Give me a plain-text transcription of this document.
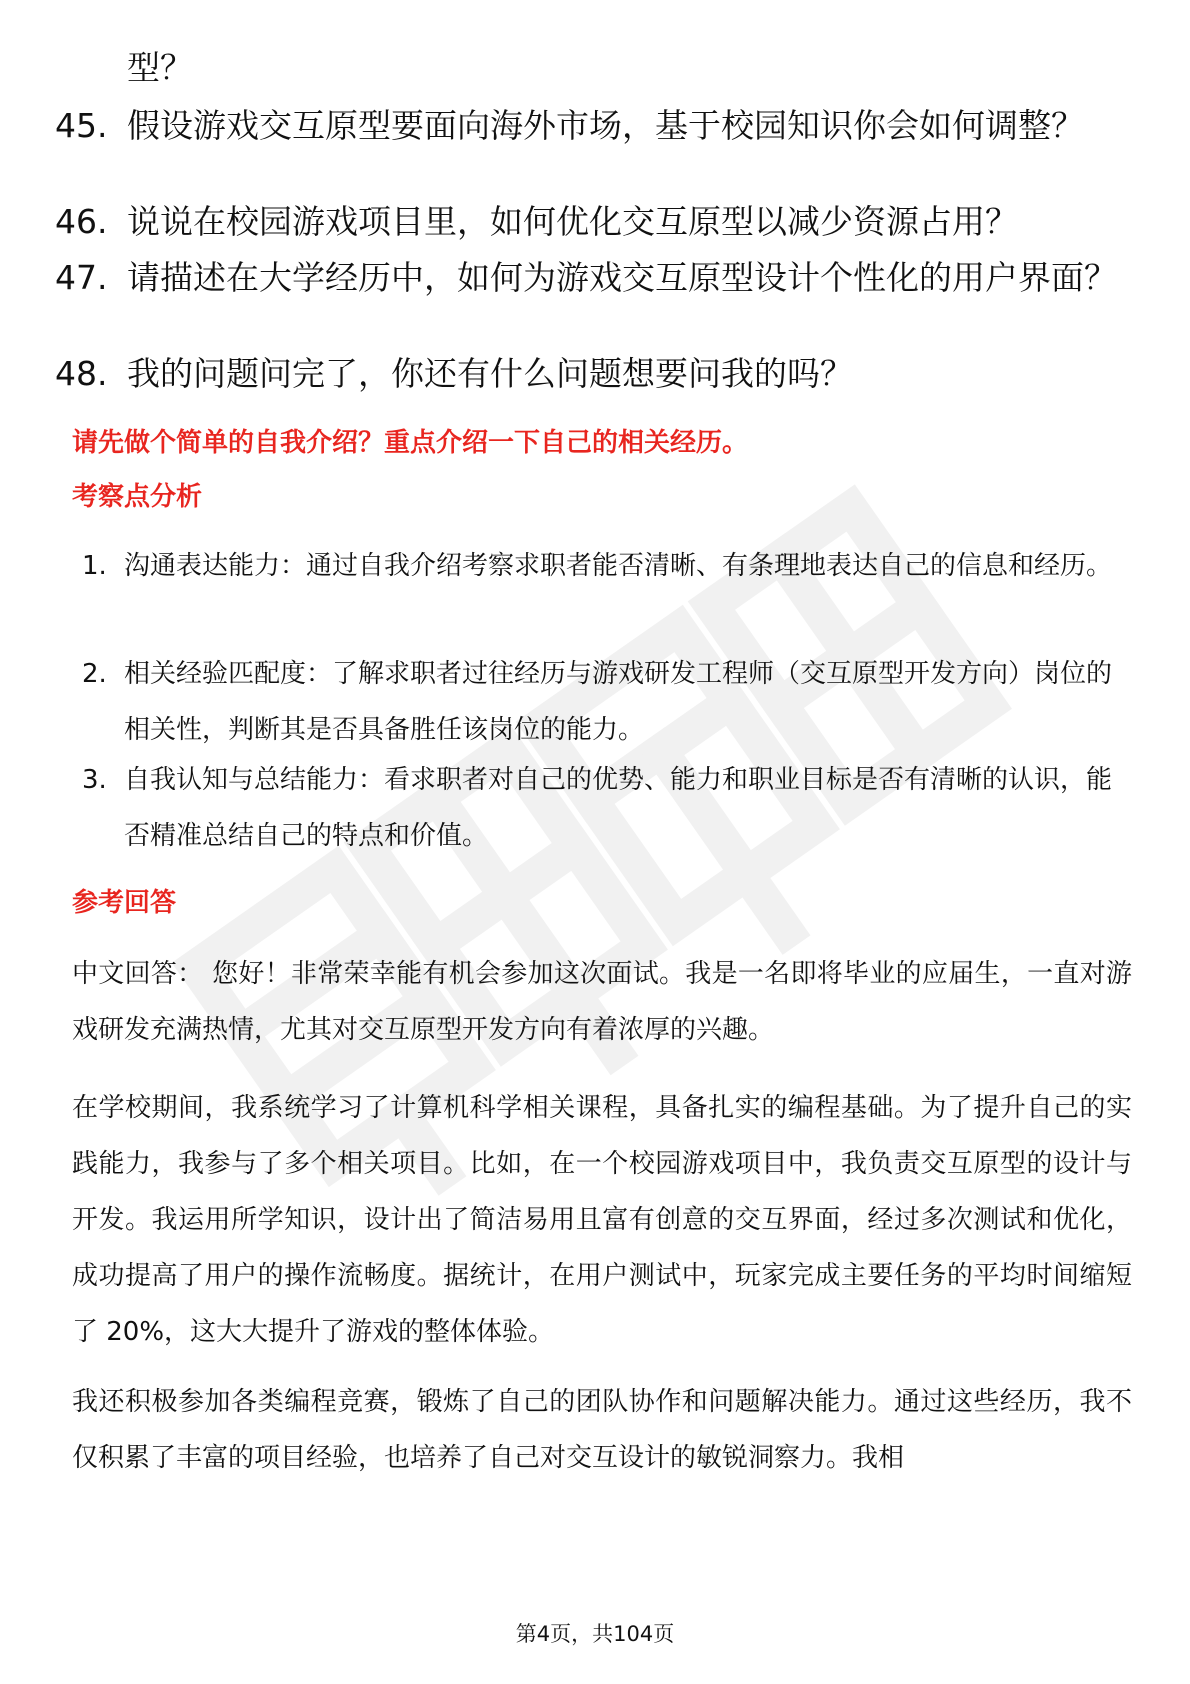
型？
45. 假设游戏交互原型要面向海外市场，基于校园知识你会如何调整？
46. 说说在校园游戏项目里，如何优化交互原型以减少资源占用？
47. 请描述在大学经历中，如何为游戏交互原型设计个性化的用户界面？
48. 我的问题问完了，你还有什么问题想要问我的吗？
请先做个简单的自我介绍？重点介绍一下自己的相关经历。
考察点分析
1. 沟通表达能力：通过自我介绍考察求职者能否清晰、有条理地表达自己的信息和经历。
2. 相关经验匹配度：了解求职者过往经历与游戏研发工程师（交互原型开发方向）岗位的相关性，判断其是否具备胜任该岗位的能力。
3. 自我认知与总结能力：看求职者对自己的优势、能力和职业目标是否有清晰的认识，能否精准总结自己的特点和价值。
参考回答
中文回答： 您好！非常荣幸能有机会参加这次面试。我是一名即将毕业的应届生，一直对游戏研发充满热情，尤其对交互原型开发方向有着浓厚的兴趣。
在学校期间，我系统学习了计算机科学相关课程，具备扎实的编程基础。为了提升自己的实践能力，我参与了多个相关项目。比如，在一个校园游戏项目中，我负责交互原型的设计与开发。我运用所学知识，设计出了简洁易用且富有创意的交互界面，经过多次测试和优化，成功提高了用户的操作流畅度。据统计，在用户测试中，玩家完成主要任务的平均时间缩短了 20%，这大大提升了游戏的整体体验。
我还积极参加各类编程竞赛，锻炼了自己的团队协作和问题解决能力。通过这些经历，我不仅积累了丰富的项目经验，也培养了自己对交互设计的敏锐洞察力。我相
第4页，共104页
